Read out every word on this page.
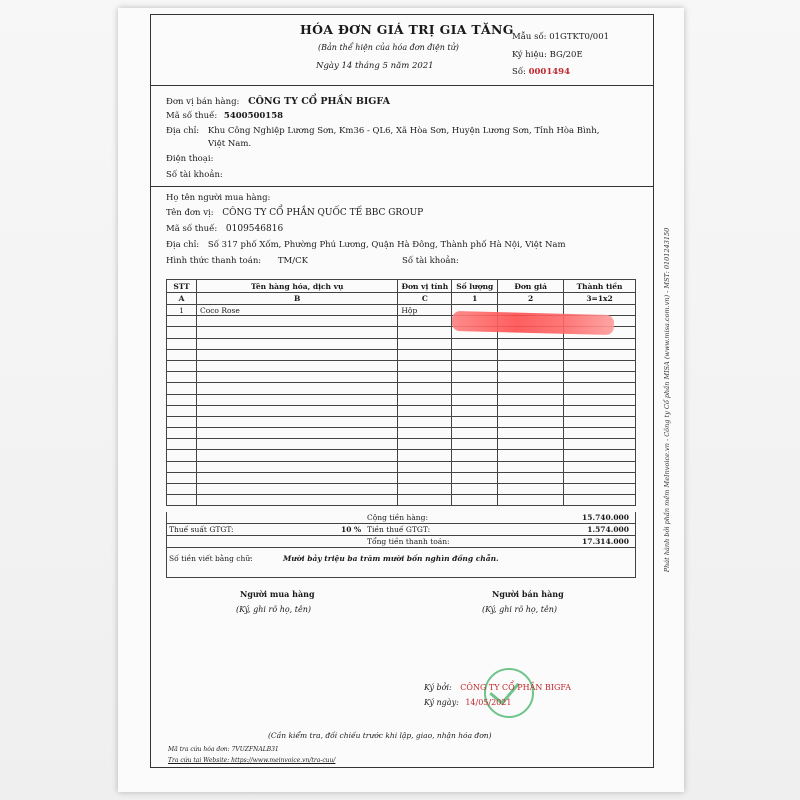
HÓA ĐƠN GIÁ TRỊ GIA TĂNG
(Bản thể hiện của hóa đơn điện tử)
Ngày 14 tháng 5 năm 2021
Mẫu số: 01GTKT0/001
Ký hiệu: BG/20E
Số: 0001494
Đơn vị bán hàng: CÔNG TY CỔ PHẦN BIGFA
Mã số thuế: 5400500158
Địa chỉ: Khu Công Nghiệp Lương Sơn, Km36 - QL6, Xã Hòa Sơn, Huyện Lương Sơn, Tỉnh Hòa Bình,
Việt Nam.
Điện thoại:
Số tài khoản:
Họ tên người mua hàng:
Tên đơn vị: CÔNG TY CỔ PHẦN QUỐC TẾ BBC GROUP
Mã số thuế: 0109546816
Địa chỉ: Số 317 phố Xốm, Phường Phú Lương, Quận Hà Đông, Thành phố Hà Nội, Việt Nam
Hình thức thanh toán: TM/CK	Số tài khoản:
STT	Tên hàng hóa, dịch vụ	Đơn vị tính	Số lượng	Đơn giá	Thành tiền
A	B	C	1	2	3=1x2
1	Coco Rose	Hộp			

Cộng tiền hàng:	15.740.000
Thuế suất GTGT:	10 % Tiền thuế GTGT:	1.574.000
Tổng tiền thanh toán:	17.314.000
Số tiền viết bằng chữ:	Mười bảy triệu ba trăm mười bốn nghìn đồng chẵn.
Người mua hàng
(Ký, ghi rõ họ, tên)
Người bán hàng
(Ký, ghi rõ họ, tên)
Ký bởi: CÔNG TY CỔ PHẦN BIGFA
Ký ngày: 14/05/2021
(Cần kiểm tra, đối chiếu trước khi lập, giao, nhận hóa đơn)
Mã tra cứu hóa đơn: 7VUZFNALB31
Tra cứu tại Website: https://www.meinvoice.vn/tra-cuu/
Phát hành bởi phần mềm MeInvoice.vn - Công ty Cổ phần MISA (www.misa.com.vn) - MST: 0101243150
